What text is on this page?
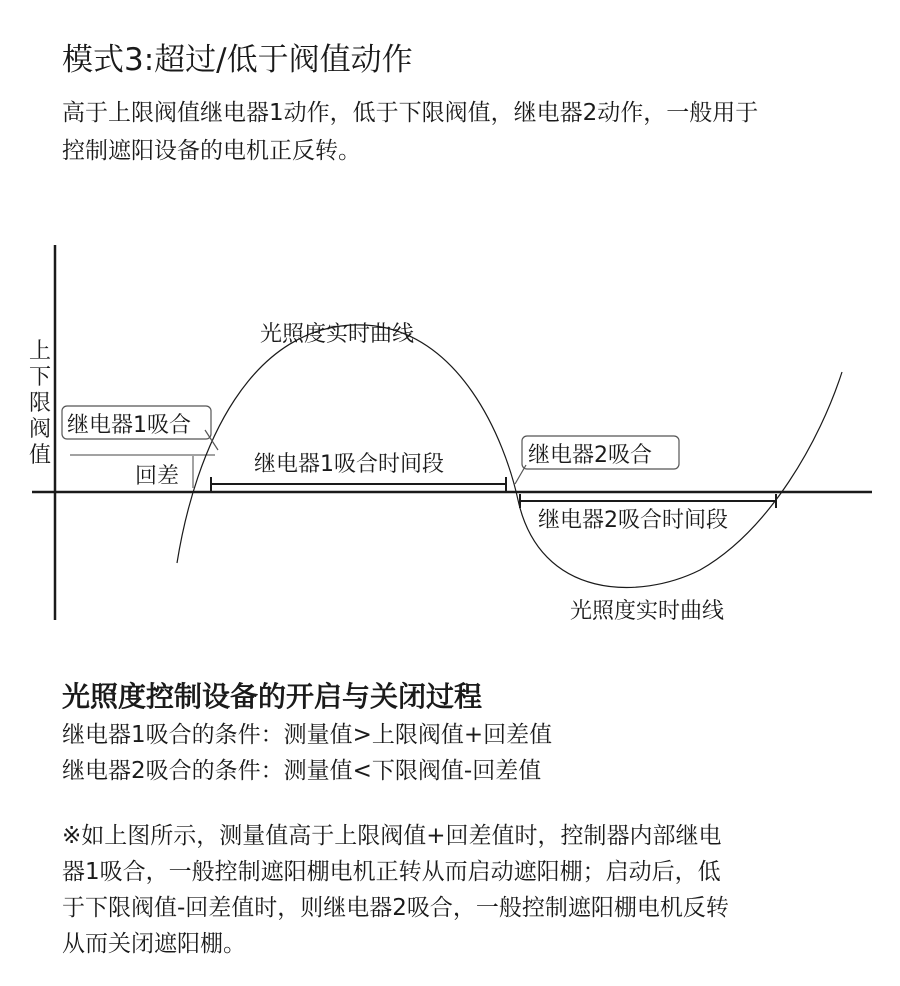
模式3:超过/低于阀值动作
高于上限阀值继电器1动作，低于下限阀值，继电器2动作，一般用于
控制遮阳设备的电机正反转。
上下限阀值
光照度实时曲线
光照度实时曲线
继电器1吸合
回差	继电器1吸合时间段	继电器2吸合
继电器2吸合时间段
光照度控制设备的开启与关闭过程
继电器1吸合的条件：测量值>上限阀值+回差值
继电器2吸合的条件：测量值<下限阀值-回差值
※如上图所示，测量值高于上限阀值+回差值时，控制器内部继电
器1吸合，一般控制遮阳棚电机正转从而启动遮阳棚；启动后，低
于下限阀值-回差值时，则继电器2吸合，一般控制遮阳棚电机反转
从而关闭遮阳棚。
